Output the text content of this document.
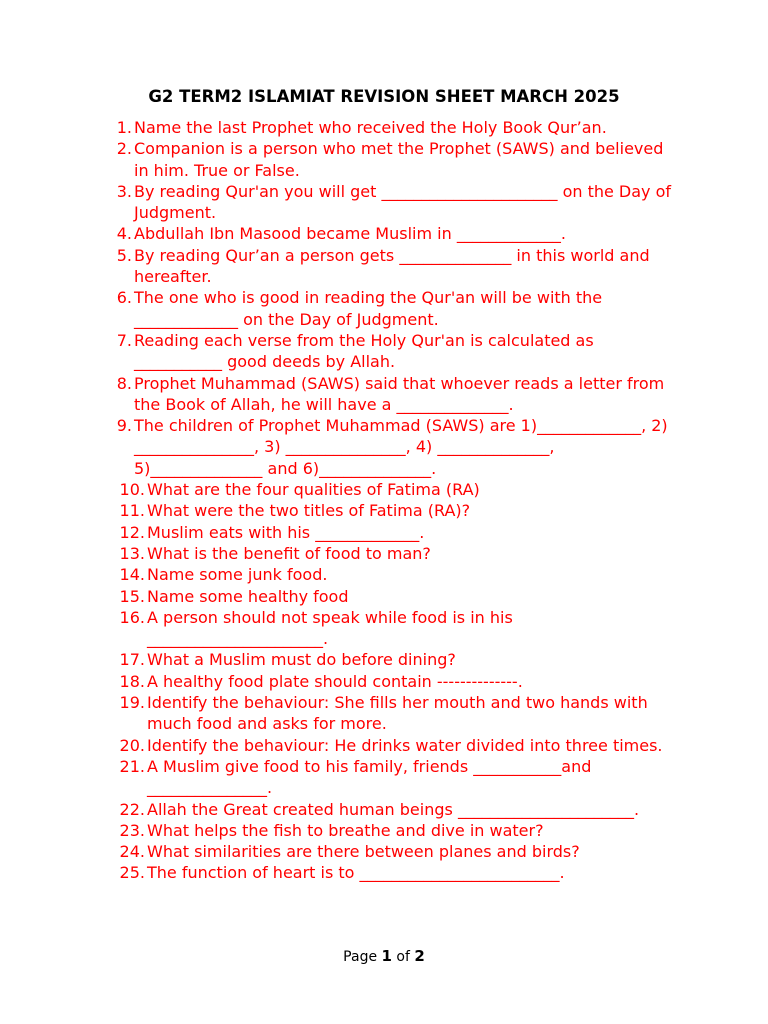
G2 TERM2 ISLAMIAT REVISION SHEET MARCH 2025
1. Name the last Prophet who received the Holy Book Qur’an.
2. Companion is a person who met the Prophet (SAWS) and believed in him. True or False.
3. By reading Qur'an you will get ______________________ on the Day of Judgment.
4. Abdullah Ibn Masood became Muslim in _____________.
5. By reading Qur’an a person gets ______________ in this world and hereafter.
6. The one who is good in reading the Qur'an will be with the _____________ on the Day of Judgment.
7. Reading each verse from the Holy Qur'an is calculated as ___________ good deeds by Allah.
8. Prophet Muhammad (SAWS) said that whoever reads a letter from the Book of Allah, he will have a ______________.
9. The children of Prophet Muhammad (SAWS) are 1)_____________, 2) _______________, 3) _______________, 4) ______________, 5)______________ and 6)______________.
10. What are the four qualities of Fatima (RA)
11. What were the two titles of Fatima (RA)?
12. Muslim eats with his _____________.
13. What is the benefit of food to man?
14. Name some junk food.
15. Name some healthy food
16. A person should not speak while food is in his ______________________.
17. What a Muslim must do before dining?
18. A healthy food plate should contain --------------.
19. Identify the behaviour: She fills her mouth and two hands with much food and asks for more.
20. Identify the behaviour: He drinks water divided into three times.
21. A Muslim give food to his family, friends ___________and _______________.
22. Allah the Great created human beings ______________________.
23. What helps the fish to breathe and dive in water?
24. What similarities are there between planes and birds?
25. The function of heart is to _________________________.
Page 1 of 2
